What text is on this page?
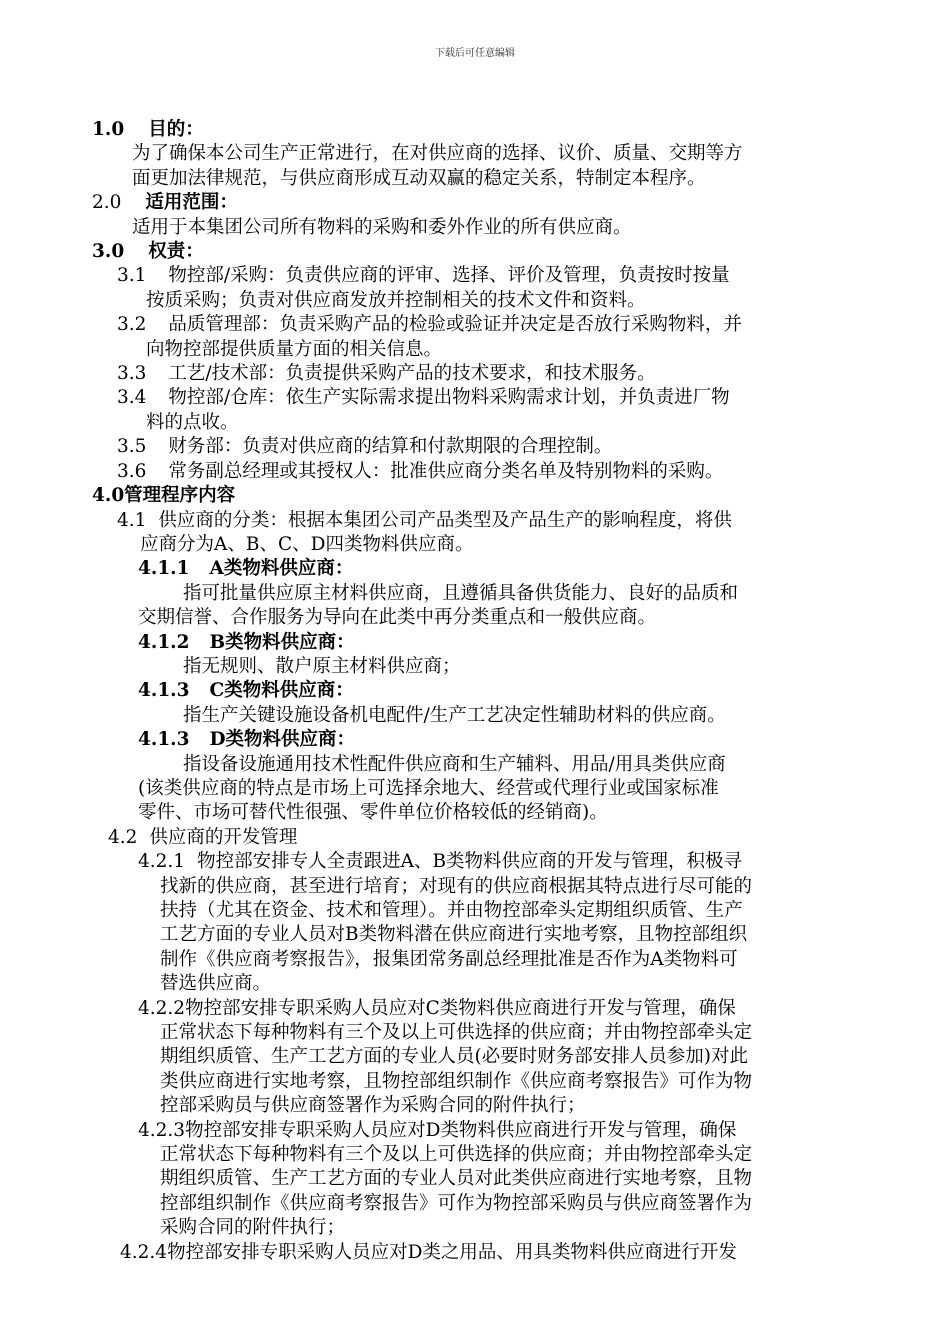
下载后可任意编辑
1.0 目的：
为了确保本公司生产正常进行，在对供应商的选择、议价、质量、交期等方
面更加法律规范，与供应商形成互动双赢的稳定关系，特制定本程序。
2.0 适用范围：
适用于本集团公司所有物料的采购和委外作业的所有供应商。
3.0 权责：
3.1 物控部/采购：负责供应商的评审、选择、评价及管理，负责按时按量
按质采购；负责对供应商发放并控制相关的技术文件和资料。
3.2 品质管理部：负责采购产品的检验或验证并决定是否放行采购物料，并
向物控部提供质量方面的相关信息。
3.3 工艺/技术部：负责提供采购产品的技术要求，和技术服务。
3.4 物控部/仓库：依生产实际需求提出物料采购需求计划，并负责进厂物
料的点收。
3.5 财务部：负责对供应商的结算和付款期限的合理控制。
3.6 常务副总经理或其授权人：批准供应商分类名单及特别物料的采购。
4.0管理程序内容
4.1 供应商的分类：根据本集团公司产品类型及产品生产的影响程度，将供
应商分为A、B、C、D四类物料供应商。
4.1.1 A类物料供应商：
指可批量供应原主材料供应商，且遵循具备供货能力、良好的品质和
交期信誉、合作服务为导向在此类中再分类重点和一般供应商。
4.1.2 B类物料供应商：
指无规则、散户原主材料供应商；
4.1.3 C类物料供应商：
指生产关键设施设备机电配件/生产工艺决定性辅助材料的供应商。
4.1.3 D类物料供应商：
指设备设施通用技术性配件供应商和生产辅料、用品/用具类供应商
(该类供应商的特点是市场上可选择余地大、经营或代理行业或国家标准
零件、市场可替代性很强、零件单位价格较低的经销商)。
4.2 供应商的开发管理
4.2.1 物控部安排专人全责跟进A、B类物料供应商的开发与管理，积极寻
找新的供应商，甚至进行培育；对现有的供应商根据其特点进行尽可能的
扶持（尤其在资金、技术和管理）。并由物控部牵头定期组织质管、生产
工艺方面的专业人员对B类物料潜在供应商进行实地考察，且物控部组织
制作《供应商考察报告》，报集团常务副总经理批准是否作为A类物料可
替选供应商。
4.2.2物控部安排专职采购人员应对C类物料供应商进行开发与管理，确保
正常状态下每种物料有三个及以上可供选择的供应商；并由物控部牵头定
期组织质管、生产工艺方面的专业人员(必要时财务部安排人员参加)对此
类供应商进行实地考察，且物控部组织制作《供应商考察报告》可作为物
控部采购员与供应商签署作为采购合同的附件执行；
4.2.3物控部安排专职采购人员应对D类物料供应商进行开发与管理，确保
正常状态下每种物料有三个及以上可供选择的供应商；并由物控部牵头定
期组织质管、生产工艺方面的专业人员对此类供应商进行实地考察，且物
控部组织制作《供应商考察报告》可作为物控部采购员与供应商签署作为
采购合同的附件执行；
4.2.4物控部安排专职采购人员应对D类之用品、用具类物料供应商进行开发
